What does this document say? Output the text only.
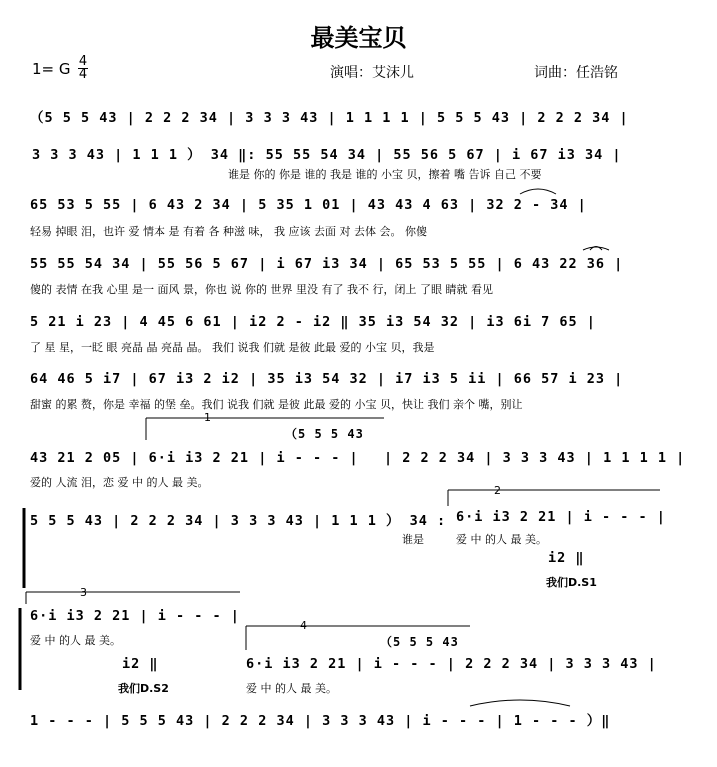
最美宝贝
1= G 4
4	演唱：艾沫儿	词曲：任浩铭
（5 5 5 43 | 2 2 2 34 | 3 3 3 43 | 1 1 1 1 | 5 5 5 43 | 2 2 2 34 |
3 3 3 43 | 1 1 1 ） 34 ‖: 55 55 54 34 | 55 56 5 67 | i 67 i3 34 |
谁是 你的 你是 谁的 我是 谁的 小宝 贝，擦着 嘴 告诉 自己 不要
65 53 5 55 | 6 43 2 34 | 5 35 1 01 | 43 43 4 63 | 32 2 - 34 |
轻易 掉眼 泪，也许 爱 情本 是 有着 各 种滋 味， 我 应该 去面 对 去体 会。 你傻
55 55 54 34 | 55 56 5 67 | i 67 i3 34 | 65 53 5 55 | 6 43 22 36 |
傻的 表情 在我 心里 是一 面风 景，你也 说 你的 世界 里没 有了 我不 行，闭上 了眼 睛就 看见
5 21 i 23 | 4 45 6 61 | i2 2 - i2 ‖ 35 i3 54 32 | i3 6i 7 65 |
了 星 星，一眨 眼 亮晶 晶 亮晶 晶。 我们 说我 们就 是彼 此最 爱的 小宝 贝，我是
64 46 5 i7 | 67 i3 2 i2 | 35 i3 54 32 | i7 i3 5 ii | 66 57 i 23 |
甜蜜 的累 赘，你是 幸福 的堡 垒。我们 说我 们就 是彼 此最 爱的 小宝 贝，快让 我们 亲个 嘴，别让
1
（5 5 5 43
43 21 2 05 | 6·i i3 2 21 | i - - - | | 2 2 2 34 | 3 3 3 43 | 1 1 1 1 |
爱的 人流 泪，恋 爱 中 的人 最 美。
2
5 5 5 43 | 2 2 2 34 | 3 3 3 43 | 1 1 1 ） 34 :
谁是
6·i i3 2 21 | i - - - |
爱 中 的人 最 美。
i2 ‖
我们D.S1
3
6·i i3 2 21 | i - - - |
爱 中 的人 最 美。
4
（5 5 5 43
i2 ‖
我们D.S2
6·i i3 2 21 | i - - - | 2 2 2 34 | 3 3 3 43 |
爱 中 的人 最 美。
1 - - - | 5 5 5 43 | 2 2 2 34 | 3 3 3 43 | i - - - | 1 - - - ）‖
